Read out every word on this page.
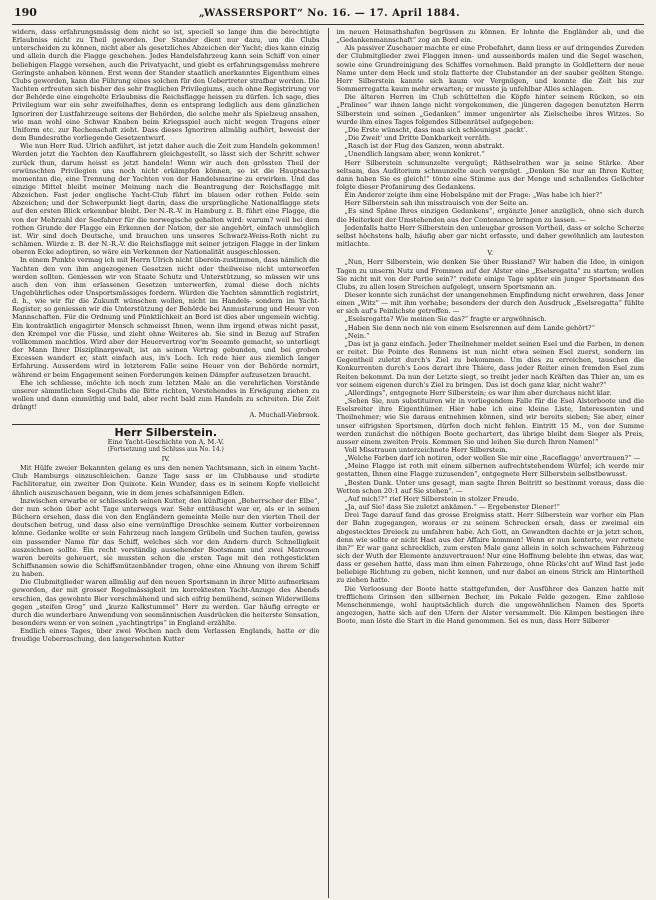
190	„WASSERSPORT“ No. 16. — 17. April 1884.

widern, dass erfahrungsmässig dem nicht so ist, speciell so lange ihm die berechtigte Erlaubniss nicht zu Theil geworden. Der Stander dient nur dazu, um die Clubs unterscheiden zu können, nicht aber als gesetzliches Abzeichen der Yacht; dies kann einzig und allein durch die Flagge geschehen. Jedes Handelsfahrzeug kann sein Schiff von einer beliebigen Flagge versehen, auch die Privatyacht, und giebt es erfahrungsgemäss mehrere Geringste anhaben können. Erst wenn der Stander staatlich anerkanntes Eigenthum eines Clubs geworden, kann die Führung eines solchen für den Uebertreter strafbar werden. Die Yachten erfreuten sich bisher des sehr fraglichen Privilegiums, auch ohne Registrirung vor der Behörde eine eingeholte Erlaubniss die Reichsflagge heissen zu dürfen. Ich sage, dies Privilegium war ein sehr zweifelhaftes, denn es entsprang lediglich aus dem gänzlichen Ignoriren der Lustfahrzeuge seitens der Behörden, die solche mehr als Spielzeug ansahen, wie man wohl eine Schwar Knaben beim Kriegsspiel auch nicht wegen Tragens einer Uniform etc. zur Rechenschaft zieht. Dass dieses Ignoriren allmälig aufhört, beweist der dem Bundesrathe vorliegende Gesetzentwurf.

Wie nun Herr Rud. Ulrich anführt, ist jetzt daher auch die Zeit zum Handeln gekommen! Werden jetzt die Yachten den Kauffahrern gleichgestellt, so lässt sich der Schritt schwer zurück thun, darum heisst es jetzt handeln! Wenn wir auch den grössten Theil der erwünschten Privilegien uns noch nicht erkämpfen können, so ist die Hauptsache momentan die, eine Trennung der Yachten von der Handelsmarine zu erwirken. Und das einzige Mittel bleibt meiner Meinung nach die Beantragung der Reichsflagge mit Abzeichen. Fast jeder englische Yacht-Club führt im blauen oder rothen Felde sein Abzeichen; und der Schwerpunkt liegt darin, dass die ursprüngliche Nationalflagge stets auf den ersten Blick erkennbar bleibt. Der N.-R.-V. in Hamburg z. B. führt eine Flagge, die von der Mehrzahl der Seefahrer für die norwegische gehalten wird: warum? weil bei dem rothen Grunde der Flagge ein Erkennen der Nation, der sie angehört, einfach unmöglich ist. Wir sind doch Deutsche, und brauchen uns unseres Schwarz-Weiss-Roth nicht zu schämen. Würde z. B. der N.-R.-V. die Reichsflagge mit seiner jetzigen Flagge in der linken oberen Ecke adoptiren, so wäre ein Verkennen der Nationalität ausgeschlossen.

In einem Punkte vermag ich mit Herrn Ulrich nicht überein-zustimmen, dass nämlich die Yachten den von ihm angezogenen Gesetzen nicht oder theilweise nicht unterworfen werden sollten. Geniessen wir von Staate Schutz und Unterstützung, so müssen wir uns auch den von ihm erlassenen Gesetzen unterwerfen, zumal diese doch nichts Ungebührliches oder Unsportsmässiges fordern. Würden die Yachten sämmtlich registrirt, d. h., wie wir für die Zukunft wünschen wollen, nicht im Handels- sondern im Yacht-Register, so geniessen wir die Unterstützung der Behörde bei Anmusterung und Heuer von Mannschaften. Für die Ordnung und Pünktlichkeit an Bord ist dies aber ungemein wichtig. Ein kontraktlich engagirter Mensch schmeisst Ihnen, wenn ihm irgend etwas nicht passt, den Krempel vor die Füsse, und zieht ohne Weiteres ab. Sie sind in Bezug auf Strafen vollkommen machtlos. Wird aber der Heuervertrag vor'm Seeamte gemacht, so unterliegt der Mann Ihrer Disziplinargewalt, ist an seinen Vertrag gebunden, und bei groben Excessen wandert er, statt einfach aus, in's Loch. Ich rede hier aus ziemlich langer Erfahrung. Ausserdem wird in letzterem Falle seine Heuer von der Behörde normirt, während er beim Engagement seinen Forderungen keinen Dämpfer aufzusetzen braucht.

Ehe ich schliesse, möchte ich noch zum letzten Male an die verehrlichen Vorstände unserer sämmtlichen Segel-Clubs die Bitte richten, Vorstehendes in Erwägung ziehen zu wollen und dann einmüthig und bald, aber recht bald zum Handeln zu schreiten. Die Zeit drängt!

A. Muchall-Viebrook.
Herr Silberstein.
Eine Yacht-Geschichte von A. M.-V.
(Fortsetzung und Schluss aus No. 14.)
IV.

Mit Hülfe zweier Bekannten gelang es uns den nenen Yachtsmann, sich in einem Yacht-Club Hamburgs einzuschleichen. Ganze Tage sass er im Clubhause und studirte Fachliteratur, ein zweiter Don Quixote. Kein Wunder, dass es in seinem Kopfe vielleicht ähnlich auszuschauen begann, wie in dem jenes schafsinnigen Edlen.

Inzwischen erwarbe er schliesslich seinen Kutter, den künftigen „Beherrscher der Elbe“, der nun schon über acht Tage unterwegs war. Sehr enttäuscht war er, als er in seinen Büchern ersehen, dass die von den Engländern gemeinte Meile nur den vierten Theil der deutschen betrug, und dass also eine vernünftige Droschke seinem Kutter vorbeirennen könne. Gedanke wollte er sein Fahrzeug nach langem Grübeln und Suchen taufen, gewiss ein passender Name für das Schiff, welches sich vor den Andern durch Schnelligkeit auszeichnen sollte. Ein recht verständig aussehender Bootsmann und zwei Matrosen waren bereits geheuert, sie mussten schon die ersten Tage mit den rothgestickten Schiffsnamen sowie die Schiffsmützenbänder tragen, ohne eine Ahnung von ihrem Schiff zu haben.

Die Clubmitglieder waren allmälig auf den neuen Sportsmann in ihrer Mitte aufmerksam geworden, der mit grosser Regelmässigkeit im korrektesten Yacht-Anzuge des Abends erschien, das gewohnte Bier verschmähend und sich eifrig bemühend, seinen Widerwillens gegen „steifen Grog“ und „kurze Kalkstummel“ Herr zu werden. Gar häufig erregte er durch die wunderbare Anwendung von seemännischen Ausdrücken die heiterste Sensation, besonders wenn er von seinen „yachtingtrips“ in England erzählte.

Endlich eines Tages, über zwei Wochen nach dem Verlassen Englands, hatte er die freudige Ueberraschung, den langersehnten Kutter

im neuen Heimathshafen begrüssen zu können. Er lohnte die Engländer ab, und die „Gedankenmannschaft“ zog an Bord ein.

Als passiver Zuschauer machte er eine Probefahrt, dann liess er auf dringendes Zureden der Clubmitglieder zwei Flaggen innen- und aussenbords malen und die Segel waschen, sowie eine Grundreinigung des Schiffes vornehmen. Bald prangte in Goldlettern der neue Name unter dem Heck und stolz flatterte der Clubstander an der sauber geölten Stenge. Herr Silberstein kannte sich kaum vor Vergnügen, und konnte die Zeit bis zur Sommerregatta kaum mehr erwarten; er musste ja unfehlbar Alles schlagen.

Die älteren Herren im Club schüttelten die Köpfe hinter seinem Rücken, so ein „Pralinee“ war ihnen lange nicht vorgekommen, die jüngeren dagegen benutzten Herrn Silberstein und seinen „Gedanken“ immer ungenirter als Zielscheibe ihres Witzes. So wurde ihm eines Tages folgendes Silbenrätsel aufgegeben:

„Die Erste wünscht, dass man sich schleunigst ‚packt‘.

„Die Zweit' und Dritte Dankbarkeit verräth.

„Rasch ist der Flug des Ganzen, wenn abstrakt.

„Unendlich langsam aber, wenn konkret.“

Herr Silberstein schmunzelte verguügt; Räthselrathen war ja seine Stärke. Aber seltsam, das Auditorium schmunzelte auch vergnügt. „Denken Sie nur an Ihren Kutter, dann haben Sie es gleich!“ tönte eine Stimme aus der Menge und schallendes Gelächter folgte dieser Profanirung des Gedankens.

Ein Anderer zeigte ihm eine Hobelspäne mit der Frage: „Was habe ich hier?“

Herr Silberstein sah ihn misstrauisch von der Seite an.

„Es sind Späne Ihres einzigen Gedankens“, ergänzte Jener anzüglich, ohne sich durch die Heiterkeit der Umstehenden aus der Contenance bringen zu lassen. —

Jedenfalls hatte Herr Silberstein den unleugbar grossen Vortheil, dass er solche Scherze selbst höchstens halb, häufig aber gar nicht erfasste, und daher gewöhnlich am lautesten mitlachte.

V.

„Nun, Herr Silberstein, wie denken Sie über Russland? Wir haben die Idee, in einigen Tagen zu unserm Nutz und Frommen auf der Alster eine „Eselsregatta“ zu starten; wollen Sie nicht mit von der Partie sein?“ redete einige Tage später ein junger Sportsmann des Clubs, zu allen losen Streichen aufgelegt, unsern Sportsmann an.

Dieser konnte sich zunächst der unangenehmen Empfindung nicht erwehren, dass Jener einen „Witz“ — mit ihm vorhabe; besonders der durch den Ausdruck „Eselsregatta“ fühlte er sich auf's Peinlichste getroffen. —

„Eselsregatta? Wie meinen Sie das?“ fragte er argwöhnisch.

„Haben Sie denn noch nie von einem Eselsrennen auf dem Lande gehört?“

„Nein.“

„Das ist ja ganz einfach. Jeder Theilnehmer meldet seinen Esel und die Farben, in denen er reitet. Die Pointe des Rennens ist nun nicht etwa seinen Esel zuerst, sondern im Gegentheil zuletzt durch's Ziel zu bekommen. Um dies zu erreichen, tauschen die Konkurrenten durch's Loos derart ihre Thiere, dass jeder Reiter einen fremden Esel zum Reiten bekommt. Da nun der Letzte siegt, so treibt jeder nach Kräften das Thier an, um es vor seinem eigenen durch's Ziel zu bringen. Das ist doch ganz klar, nicht wahr?“

„Allerdings“, entgegnete Herr Silberstein; es war ihm aber durchaus nicht klar.

„Sehen Sie, nun substituiren wir in vorliegendem Falle für die Esel Alsterboote und die Eselsreiter ihre Eigenthümer. Hier habe ich eine kleine Liste, Interessenten und Theilnehmer; wie Sie daraus entnehmen können, sind wir bereits sieben; Sie aber, einer unser eifrigsten Sportsmen, dürfen doch nicht fehlen. Eintritt 15 M., von der Summe werden zunächst die nöthigen Boote gechartert, das übrige bleibt dem Sieger als Preis, ausser einem zweiten Preis. Kommen Sie und leihen Sie durch Ihren Namen!“

Voll Misstrauen unterzeichnete Herr Silberstein.

„Welche Farben darf ich notiren, oder wollen Sie mir eine ‚Raceflagge‘ anvertrauen?“ —

„Meine Flagge ist roth mit einem silbernen aufrechtstehendem Würfel; ich werde mir gestatten, Ihnen eine Flagge zuzusenden“, entgegnete Herr Silberstein selbstbewusst.

„Besten Dank. Unter uns gesagt, man sagte Ihren Beitritt so bestimmt voraus, dass die Wetten schon 20:1 auf Sie stehen“. —

„Auf mich!?“ rief Herr Silberstein in stolzer Freude.

„Ja, auf Sie! dass Sie zuletzt ankämen.“ — Ergebenster Diener!“

Drei Tage darauf fand das grosse Ereigniss statt. Herr Silberstein war vorher ein Plan der Bahn zugegangen, woraus er zu seinem Schrecken ersah, dass er zweimal ein abgestecktes Dreieck zu umfahren habe. Ach Gott, an Gewandten dachte er ja jetzt schon, denn wie sollte er nicht Hast aus der Affaire kommen! Wenn er nun kenterte, wer rettete ihn?“ Er war ganz schrecklich, zum ersten Male ganz allein in solch schwachem Fahrzeug sich der Wuth der Elemente anzuvertrauen! Nur eine Hoffnung belebte ihn etwas, das war, dass er gesehen hatte, dass man ihm einen Fahrzeuge, ohne Rücks'cht auf Wind fast jede beliebige Richtung zu geben, nicht kennen, und nur dabei an einem Strick am Hintertheil zu ziehen hatte.

Die Verloosung der Boote hatte stattgefunden, der Ausführer des Ganzen hatte mit trefflichem Grinsen den silbernen Becher, im Pokale Felde gezogen. Eine zahllose Menschenmenge, wohl hauptsächlich durch die ungewöhnlichen Namen des Sports angezogen, hatte sich auf den Ufern der Alster versammelt. Die Kämpen bestiegen ihre Boote, man löste die Start in die Hand genommen. Sei es nun, dass Herr Silberer
